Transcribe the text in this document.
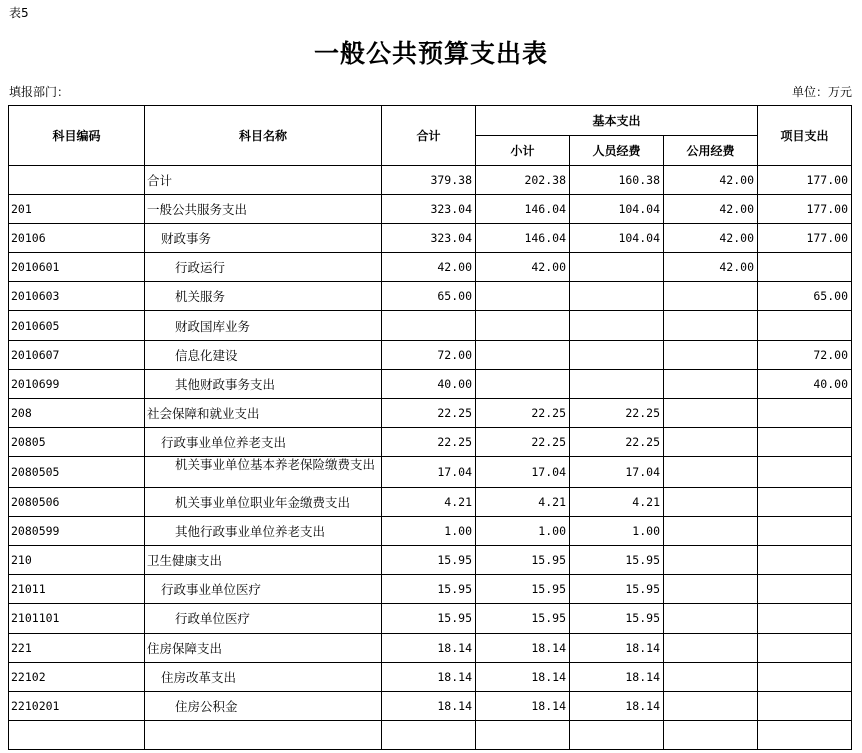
表5
一般公共预算支出表
填报部门：	单位：万元
科目编码	科目名称	合计	基本支出			项目支出
			小计	人员经费	公用经费	
	合计	379.38	202.38	160.38	42.00	177.00
201	一般公共服务支出	323.04	146.04	104.04	42.00	177.00
20106	财政事务	323.04	146.04	104.04	42.00	177.00
2010601	行政运行	42.00	42.00		42.00	
2010603	机关服务	65.00				65.00
2010605	财政国库业务					
2010607	信息化建设	72.00				72.00
2010699	其他财政事务支出	40.00				40.00
208	社会保障和就业支出	22.25	22.25	22.25		
20805	行政事业单位养老支出	22.25	22.25	22.25		
2080505	机关事业单位基本养老保险缴费支出	17.04	17.04	17.04		
2080506	机关事业单位职业年金缴费支出	4.21	4.21	4.21		
2080599	其他行政事业单位养老支出	1.00	1.00	1.00		
210	卫生健康支出	15.95	15.95	15.95		
21011	行政事业单位医疗	15.95	15.95	15.95		
2101101	行政单位医疗	15.95	15.95	15.95		
221	住房保障支出	18.14	18.14	18.14		
22102	住房改革支出	18.14	18.14	18.14		
2210201	住房公积金	18.14	18.14	18.14		
